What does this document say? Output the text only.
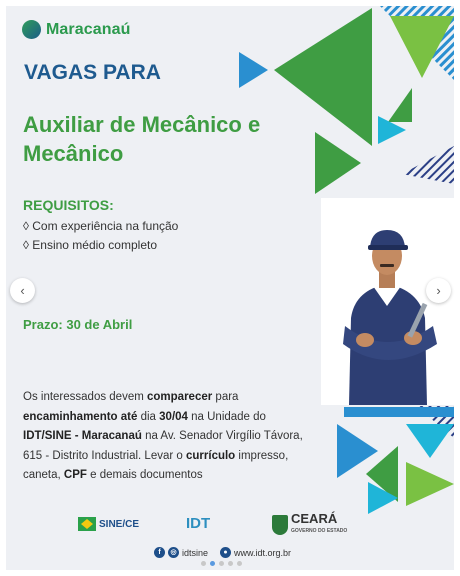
Maracanaú
VAGAS PARA
Auxiliar de Mecânico e Mecânico
REQUISITOS:
◊ Com experiência na função
◊ Ensino médio completo
Prazo: 30 de Abril
Os interessados devem comparecer para encaminhamento até dia 30/04 na Unidade do IDT/SINE - Maracanaú na Av. Senador Virgílio Távora, 615 - Distrito Industrial. Levar o currículo impresso, caneta, CPF e demais documentos
SINE/CE	IDT	CEARÁ
GOVERNO DO ESTADO
f	◎ idtsine	● www.idt.org.br
‹	›
